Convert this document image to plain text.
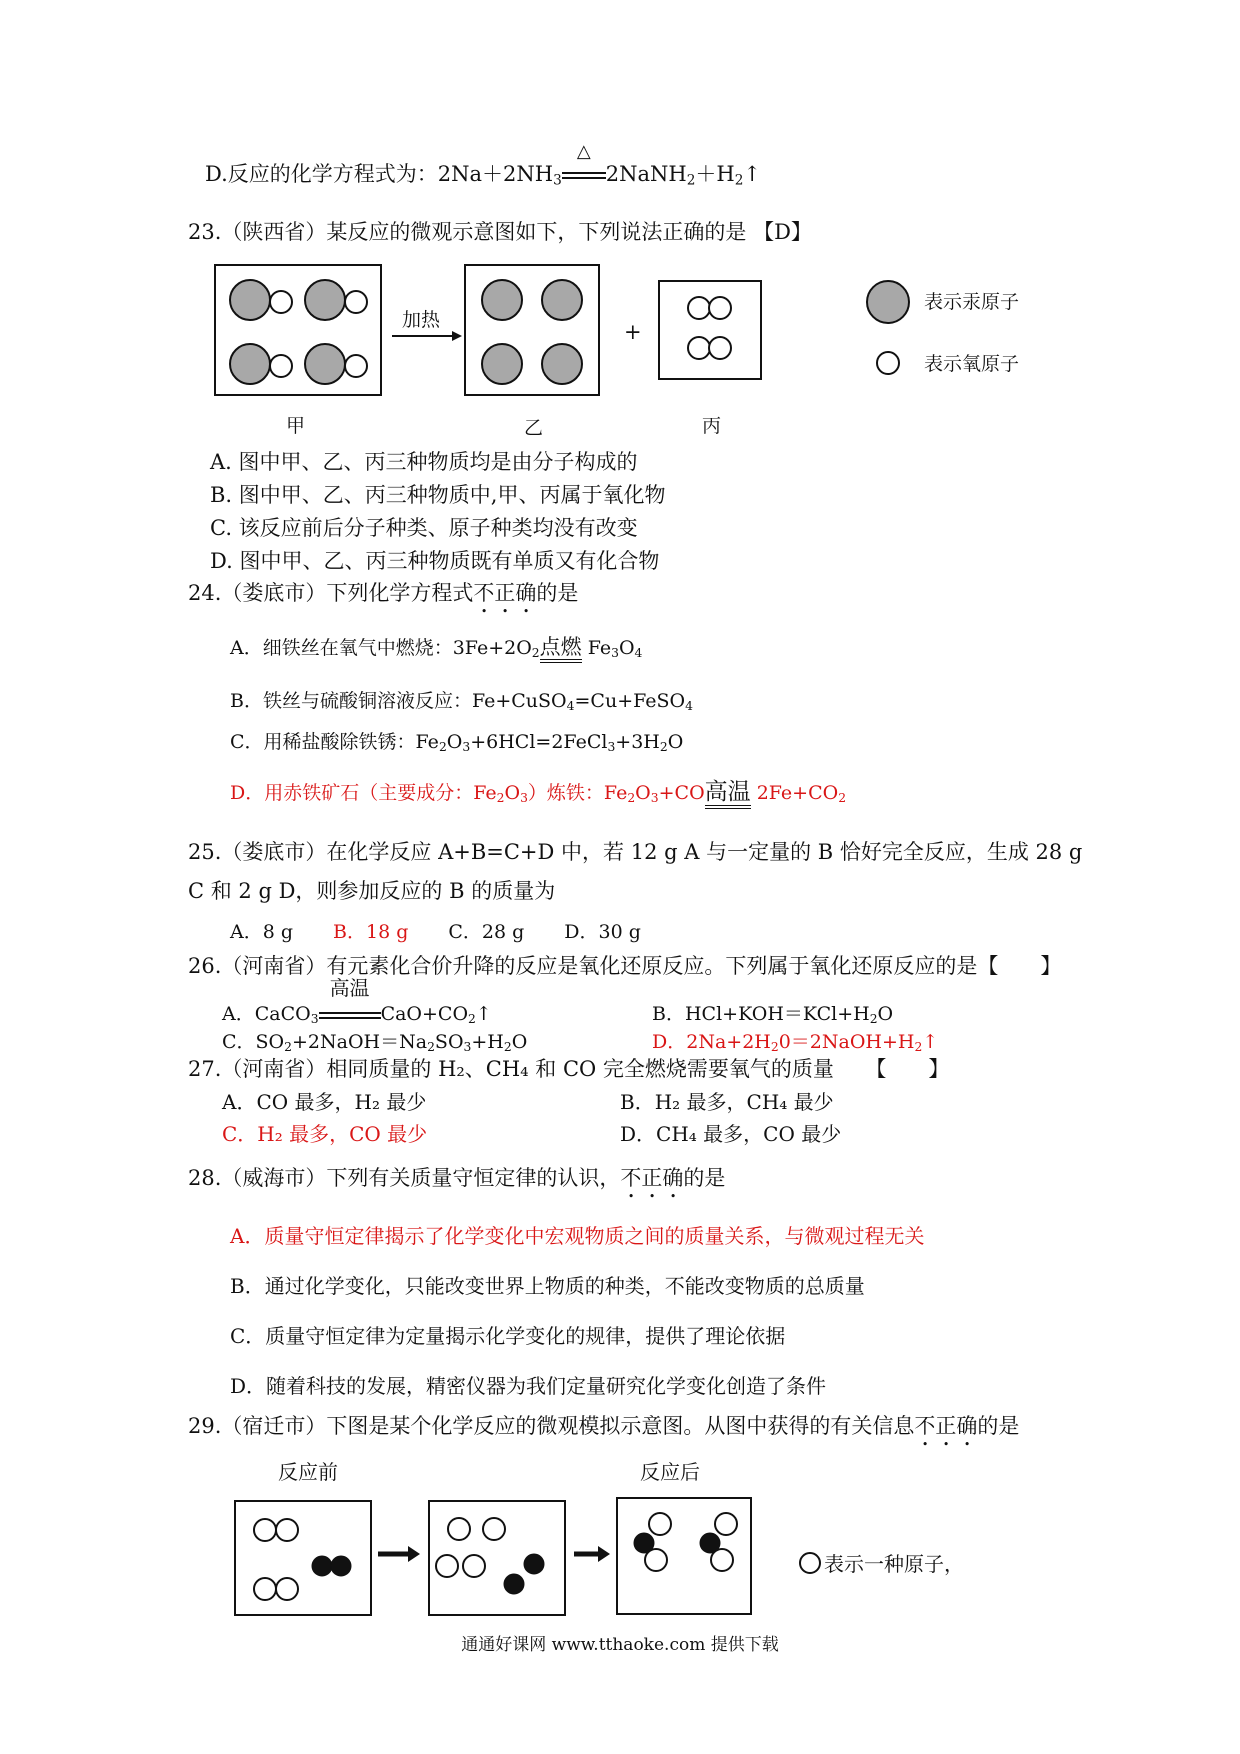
D.反应的化学方程式为：$2Na+2NH_3$
△
$2NaNH_2+H_2↑$
23.（陕西省）某反应的微观示意图如下，下列说法正确的是 【D】
加热	+
表示汞原子
表示氧原子
甲	乙	丙
A. 图中甲、乙、丙三种物质均是由分子构成的
B. 图中甲、乙、丙三种物质中,甲、丙属于氧化物
C. 该反应前后分子种类、原子种类均没有改变
D. 图中甲、乙、丙三种物质既有单质又有化合物
24.（娄底市）下列化学方程式不正确的是
A．细铁丝在氧气中燃烧：$3Fe+2O_2$点燃 $Fe_3O_4$
B．铁丝与硫酸铜溶液反应：Fe+CuSO$_4$=Cu+FeSO$_4$
C．用稀盐酸除铁锈：$Fe_2O_3+6HCl=2FeCl_3+3H_2O$
D．用赤铁矿石（主要成分：$Fe_2O_3$）炼铁：$Fe_2O_3+CO$高温 $2Fe+CO_2$
25.（娄底市）在化学反应 A+B=C+D 中，若 12 g A 与一定量的 B 恰好完全反应，生成 28 g
C 和 2 g D，则参加反应的 B 的质量为
A．8 g B．18 g C．28 g D．30 g
26.（河南省）有元素化合价升降的反应是氧化还原反应。下列属于氧化还原反应的是【　　】
A．CaCO$_3$
高温
$CaO+CO_2↑$	B．$HCl+KOH=KCl+H_2O$
C．$SO_2+2NaOH=Na_2SO_3+H_2O$	D．$2Na+2H_20=2NaOH+H_2↑$
27.（河南省）相同质量的 H₂、CH₄ 和 CO 完全燃烧需要氧气的质量　　【　　】
A．CO 最多，H₂ 最少	B．H₂ 最多，CH₄ 最少
C．H₂ 最多，CO 最少	D．CH₄ 最多，CO 最少
28.（威海市）下列有关质量守恒定律的认识，不正确的是
A．质量守恒定律揭示了化学变化中宏观物质之间的质量关系，与微观过程无关
B．通过化学变化，只能改变世界上物质的种类，不能改变物质的总质量
C．质量守恒定律为定量揭示化学变化的规律，提供了理论依据
D．随着科技的发展，精密仪器为我们定量研究化学变化创造了条件
29.（宿迁市）下图是某个化学反应的微观模拟示意图。从图中获得的有关信息不正确的是
反应前	反应后
表示一种原子，
通通好课网 www.tthaoke.com 提供下载
